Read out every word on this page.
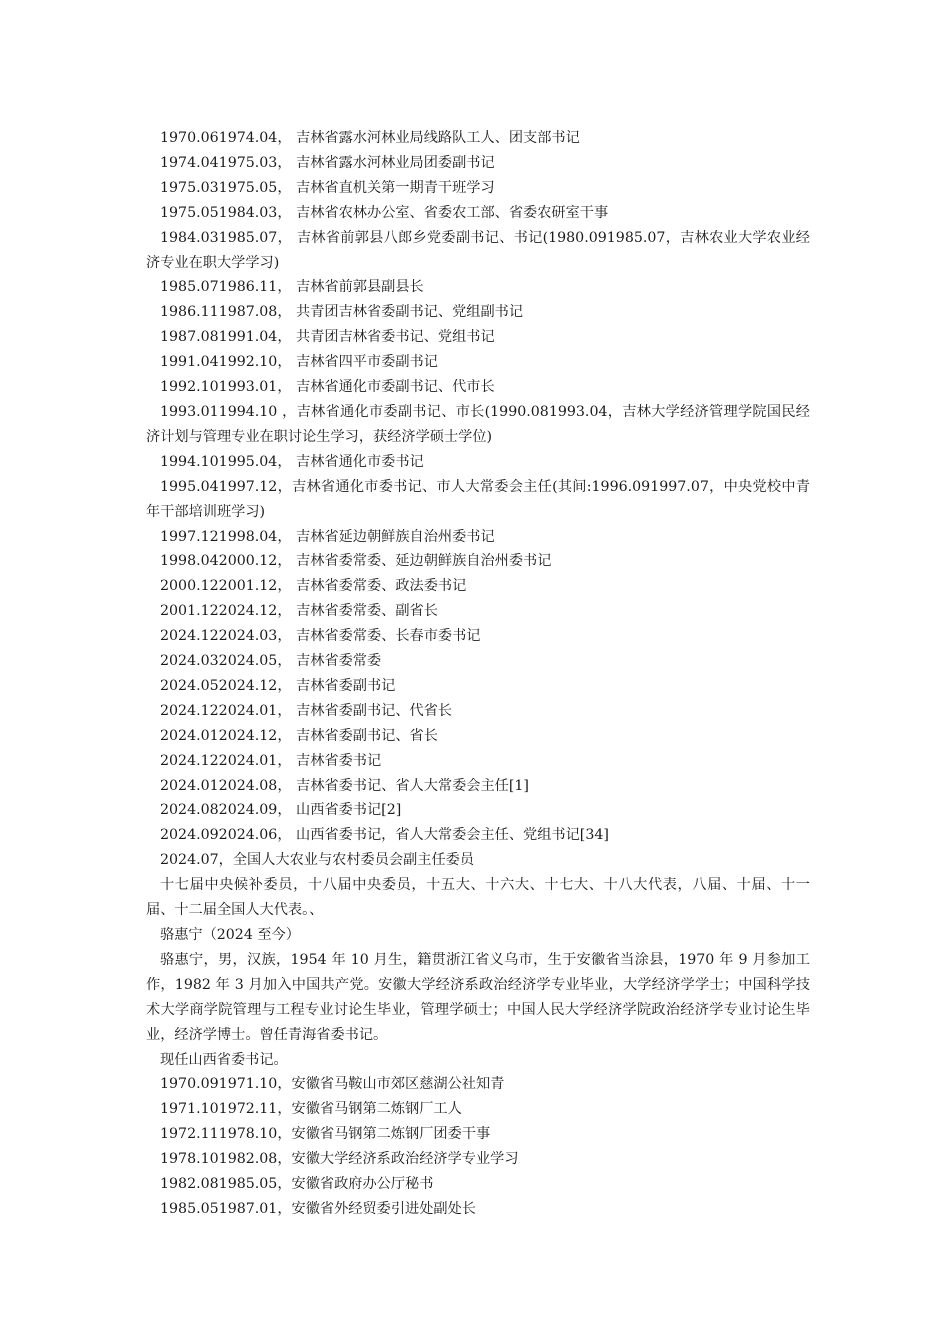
1970.061974.04， 吉林省露水河林业局线路队工人、团支部书记

1974.041975.03， 吉林省露水河林业局团委副书记

1975.031975.05， 吉林省直机关第一期青干班学习

1975.051984.03， 吉林省农林办公室、省委农工部、省委农研室干事

1984.031985.07， 吉林省前郭县八郎乡党委副书记、书记(1980.091985.07，吉林农业大学农业经济专业在职大学学习)

1985.071986.11， 吉林省前郭县副县长

1986.111987.08， 共青团吉林省委副书记、党组副书记

1987.081991.04， 共青团吉林省委书记、党组书记

1991.041992.10， 吉林省四平市委副书记

1992.101993.01， 吉林省通化市委副书记、代市长

1993.011994.10 ，吉林省通化市委副书记、市长(1990.081993.04，吉林大学经济管理学院国民经济计划与管理专业在职讨论生学习，获经济学硕士学位)

1994.101995.04， 吉林省通化市委书记

1995.041997.12，吉林省通化市委书记、市人大常委会主任(其间:1996.091997.07，中央党校中青年干部培训班学习)

1997.121998.04， 吉林省延边朝鲜族自治州委书记

1998.042000.12， 吉林省委常委、延边朝鲜族自治州委书记

2000.122001.12， 吉林省委常委、政法委书记

2001.122024.12， 吉林省委常委、副省长

2024.122024.03， 吉林省委常委、长春市委书记

2024.032024.05， 吉林省委常委

2024.052024.12， 吉林省委副书记

2024.122024.01， 吉林省委副书记、代省长

2024.012024.12， 吉林省委副书记、省长

2024.122024.01， 吉林省委书记

2024.012024.08， 吉林省委书记、省人大常委会主任[1]

2024.082024.09， 山西省委书记[2]

2024.092024.06， 山西省委书记，省人大常委会主任、党组书记[34]

2024.07，全国人大农业与农村委员会副主任委员

十七届中央候补委员，十八届中央委员，十五大、十六大、十七大、十八大代表，八届、十届、十一届、十二届全国人大代表。、

骆惠宁（2024 至今）

骆惠宁，男，汉族，1954 年 10 月生，籍贯浙江省义乌市，生于安徽省当涂县，1970 年 9 月参加工作，1982 年 3 月加入中国共产党。安徽大学经济系政治经济学专业毕业，大学经济学学士；中国科学技术大学商学院管理与工程专业讨论生毕业，管理学硕士；中国人民大学经济学院政治经济学专业讨论生毕业，经济学博士。曾任青海省委书记。

现任山西省委书记。

1970.091971.10，安徽省马鞍山市郊区慈湖公社知青

1971.101972.11，安徽省马钢第二炼钢厂工人

1972.111978.10，安徽省马钢第二炼钢厂团委干事

1978.101982.08，安徽大学经济系政治经济学专业学习

1982.081985.05，安徽省政府办公厅秘书

1985.051987.01，安徽省外经贸委引进处副处长
